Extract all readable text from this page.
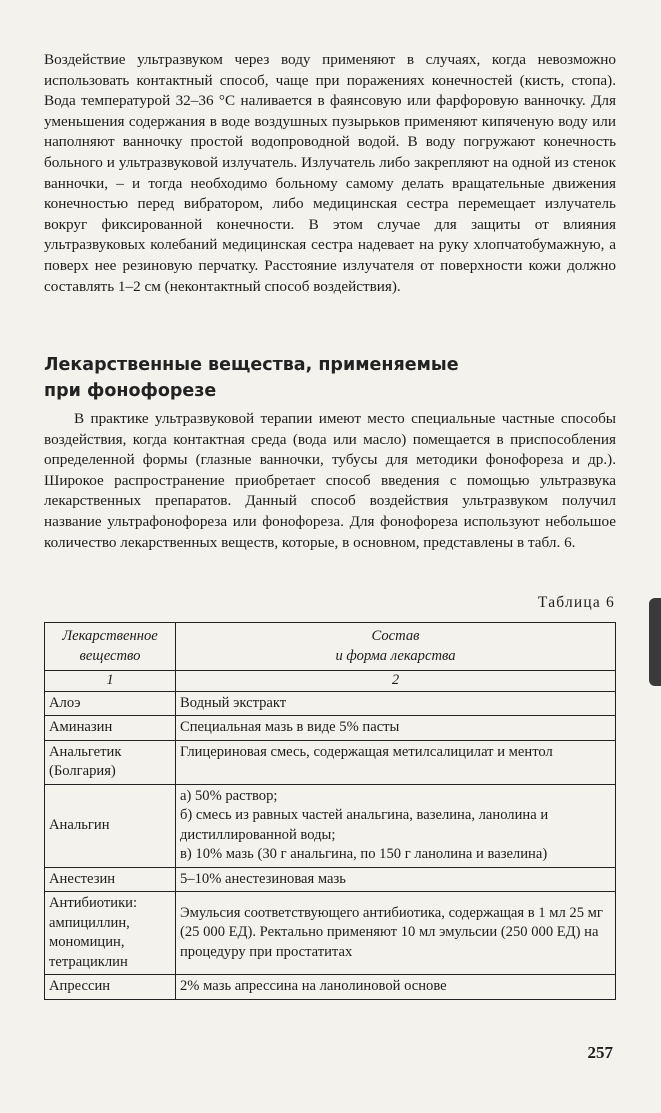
Воздействие ультразвуком через воду применяют в случаях, когда невозможно использовать контактный способ, чаще при поражениях конечностей (кисть, стопа). Вода температурой 32–36 °С наливается в фаянсовую или фарфоровую ванночку. Для уменьшения содержания в воде воздушных пузырьков применяют кипяченую воду или наполняют ванночку простой водопроводной водой. В воду погружают конечность больного и ультразвуковой излучатель. Излучатель либо закрепляют на одной из стенок ванночки, – и тогда необходимо больному самому делать вращательные движения конечностью перед вибратором, либо медицинская сестра перемещает излучатель вокруг фиксированной конечности. В этом случае для защиты от влияния ультразвуковых колебаний медицинская сестра надевает на руку хлопчатобумажную, а поверх нее резиновую перчатку. Расстояние излучателя от поверхности кожи должно составлять 1–2 см (неконтактный способ воздействия).

Лекарственные вещества, применяемые
при фонофорезе

В практике ультразвуковой терапии имеют место специальные частные способы воздействия, когда контактная среда (вода или масло) помещается в приспособления определенной формы (глазные ванночки, тубусы для методики фонофореза и др.). Широкое распространение приобретает способ введения с помощью ультразвука лекарственных препаратов. Данный способ воздействия ультразвуком получил название ультрафонофореза или фонофореза. Для фонофореза используют небольшое количество лекарственных веществ, которые, в основном, представлены в табл. 6.

Таблица 6
Лекарственное
вещество	Состав
и форма лекарства

1	2
Алоэ	Водный экстракт
Аминазин	Специальная мазь в виде 5% пасты
Анальгетик (Болгария)	Глицериновая смесь, содержащая метилсалицилат и ментол
Анальгин	а) 50% раствор;
б) смесь из равных частей анальгина, вазелина, ланолина и дистиллированной воды;
в) 10% мазь (30 г анальгина, по 150 г ланолина и вазелина)

Анестезин	5–10% анестезиновая мазь

Антибиотики:
ампициллин,
мономицин,
тетрациклин	Эмульсия соответствующего антибиотика, содержащая в 1 мл 25 мг (25 000 ЕД). Ректально применяют 10 мл эмульсии (250 000 ЕД) на процедуру при простатитах
Апрессин	2% мазь апрессина на ланолиновой основе
257
